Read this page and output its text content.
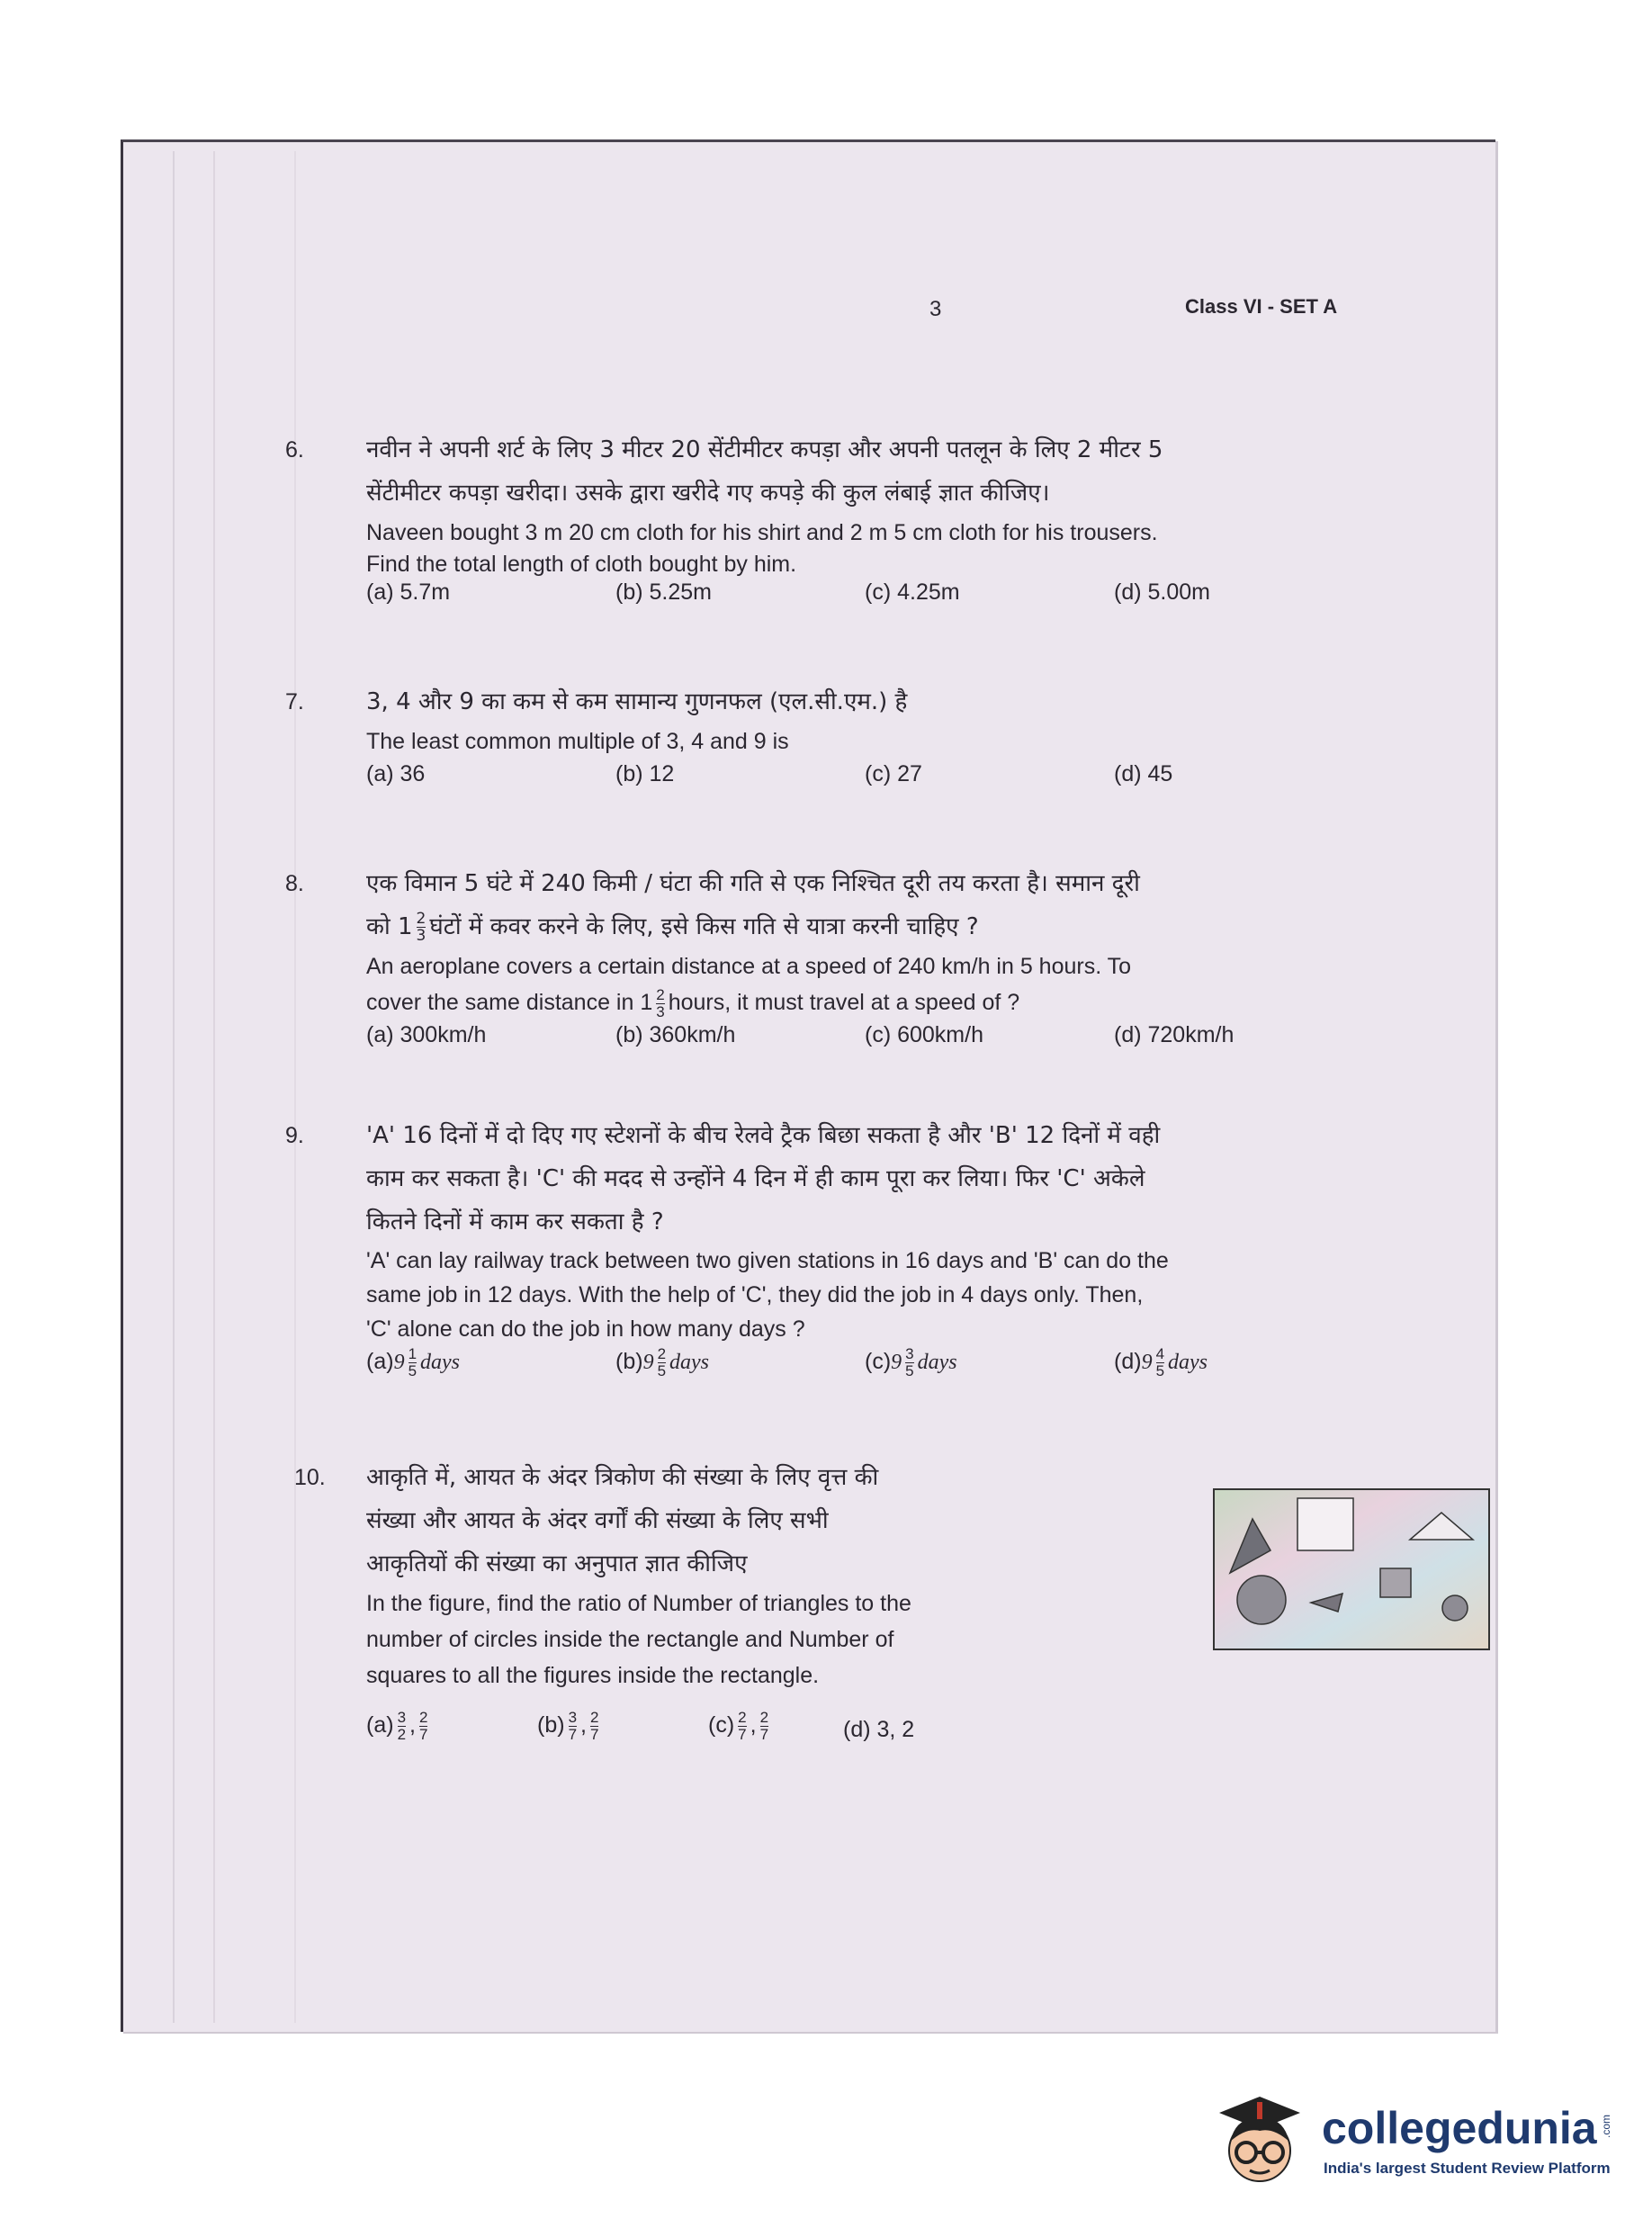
3	Class VI - SET A
6.	नवीन ने अपनी शर्ट के लिए 3 मीटर 20 सेंटीमीटर कपड़ा और अपनी पतलून के लिए 2 मीटर 5
सेंटीमीटर कपड़ा खरीदा। उसके द्वारा खरीदे गए कपड़े की कुल लंबाई ज्ञात कीजिए।
Naveen bought 3 m 20 cm cloth for his shirt and 2 m 5 cm cloth for his trousers.
Find the total length of cloth bought by him.
(a) 5.7m	(b) 5.25m	(c) 4.25m	(d) 5.00m
7.	3, 4 और 9 का कम से कम सामान्य गुणनफल (एल.सी.एम.) है
The least common multiple of 3, 4 and 9 is
(a) 36	(b) 12	(c) 27	(d) 45
8.	एक विमान 5 घंटे में 240 किमी / घंटा की गति से एक निश्चित दूरी तय करता है। समान दूरी
को $1 \frac{2}{3}$ घंटों में कवर करने के लिए, इसे किस गति से यात्रा करनी चाहिए ?
An aeroplane covers a certain distance at a speed of 240 km/h in 5 hours. To
cover the same distance in $1 \frac{2}{3}$ hours, it must travel at a speed of ?
(a) 300km/h	(b) 360km/h	(c) 600km/h	(d) 720km/h
9.	'A' 16 दिनों में दो दिए गए स्टेशनों के बीच रेलवे ट्रैक बिछा सकता है और 'B' 12 दिनों में वही
काम कर सकता है। 'C' की मदद से उन्होंने 4 दिन में ही काम पूरा कर लिया। फिर 'C' अकेले
कितने दिनों में काम कर सकता है ?
'A' can lay railway track between two given stations in 16 days and 'B' can do the
same job in 12 days. With the help of 'C', they did the job in 4 days only. Then,
'C' alone can do the job in how many days ?
$(a)9 \frac{1}{5}$ days	$(b)9 \frac{2}{5}$ days	$(c)9 \frac{3}{5}$ days	$(d)9 \frac{4}{5}$ days
10. आकृति में, आयत के अंदर त्रिकोण की संख्या के लिए वृत्त की
संख्या और आयत के अंदर वर्गों की संख्या के लिए सभी
आकृतियों की संख्या का अनुपात ज्ञात कीजिए
In the figure, find the ratio of Number of triangles to the
number of circles inside the rectangle and Number of
squares to all the figures inside the rectangle.
$(a) \frac{3}{2}$ , $\frac{2}{7}$	$(b) \frac{3}{7}$ , $\frac{2}{7}$	$(c) \frac{2}{7}$ , $\frac{2}{7}$	(d) 3, 2
collegedunia .com
India's largest Student Review Platform
